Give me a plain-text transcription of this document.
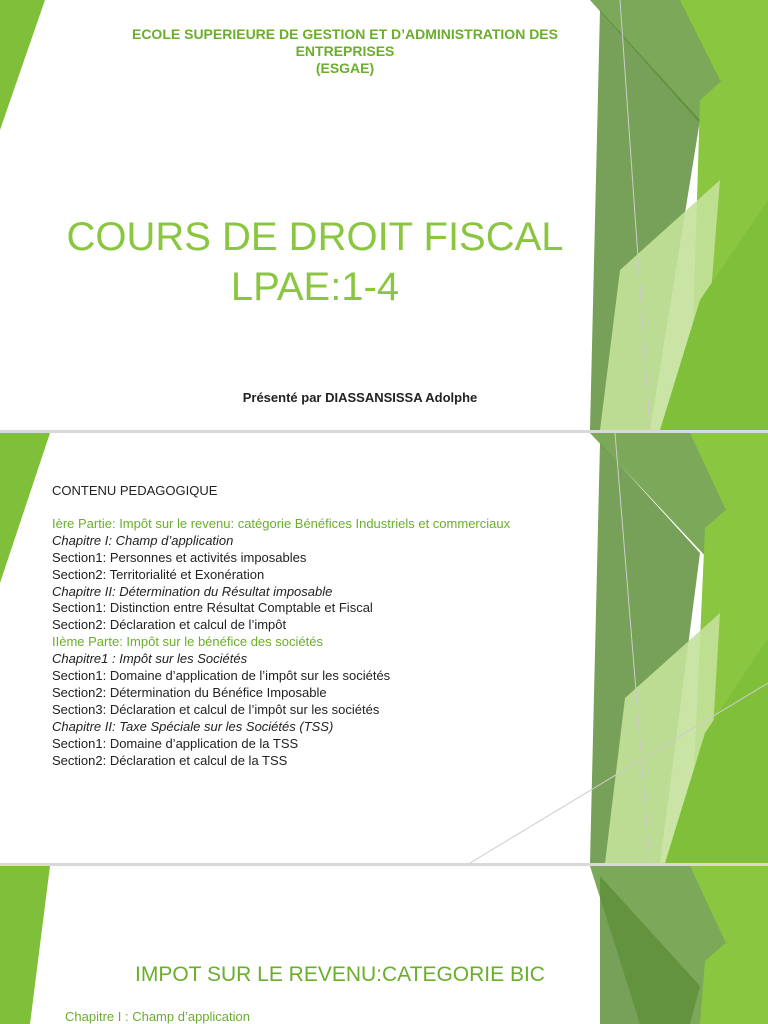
ECOLE SUPERIEURE DE GESTION ET D’ADMINISTRATION DES
ENTREPRISES
(ESGAE)
COURS DE DROIT FISCAL
LPAE:1-4
Présenté par DIASSANSISSA Adolphe
CONTENU PEDAGOGIQUE
Ière Partie: Impôt sur le revenu: catégorie Bénéfices Industriels et commerciaux
Chapitre I: Champ d’application
Section1: Personnes et activités imposables
Section2: Territorialité et Exonération
Chapitre II: Détermination du Résultat imposable
Section1: Distinction entre Résultat Comptable et Fiscal
Section2: Déclaration et calcul de l’impôt
IIème Parte: Impôt sur le bénéfice des sociétés
Chapitre1 : Impôt sur les Sociétés
Section1: Domaine d’application de l’impôt sur les sociétés
Section2: Détermination du Bénéfice Imposable
Section3: Déclaration et calcul de l’impôt sur les sociétés
Chapitre II: Taxe Spéciale sur les Sociétés (TSS)
Section1: Domaine d’application de la TSS
Section2: Déclaration et calcul de la TSS
IMPOT SUR LE REVENU:CATEGORIE BIC
Chapitre I : Champ d’application
